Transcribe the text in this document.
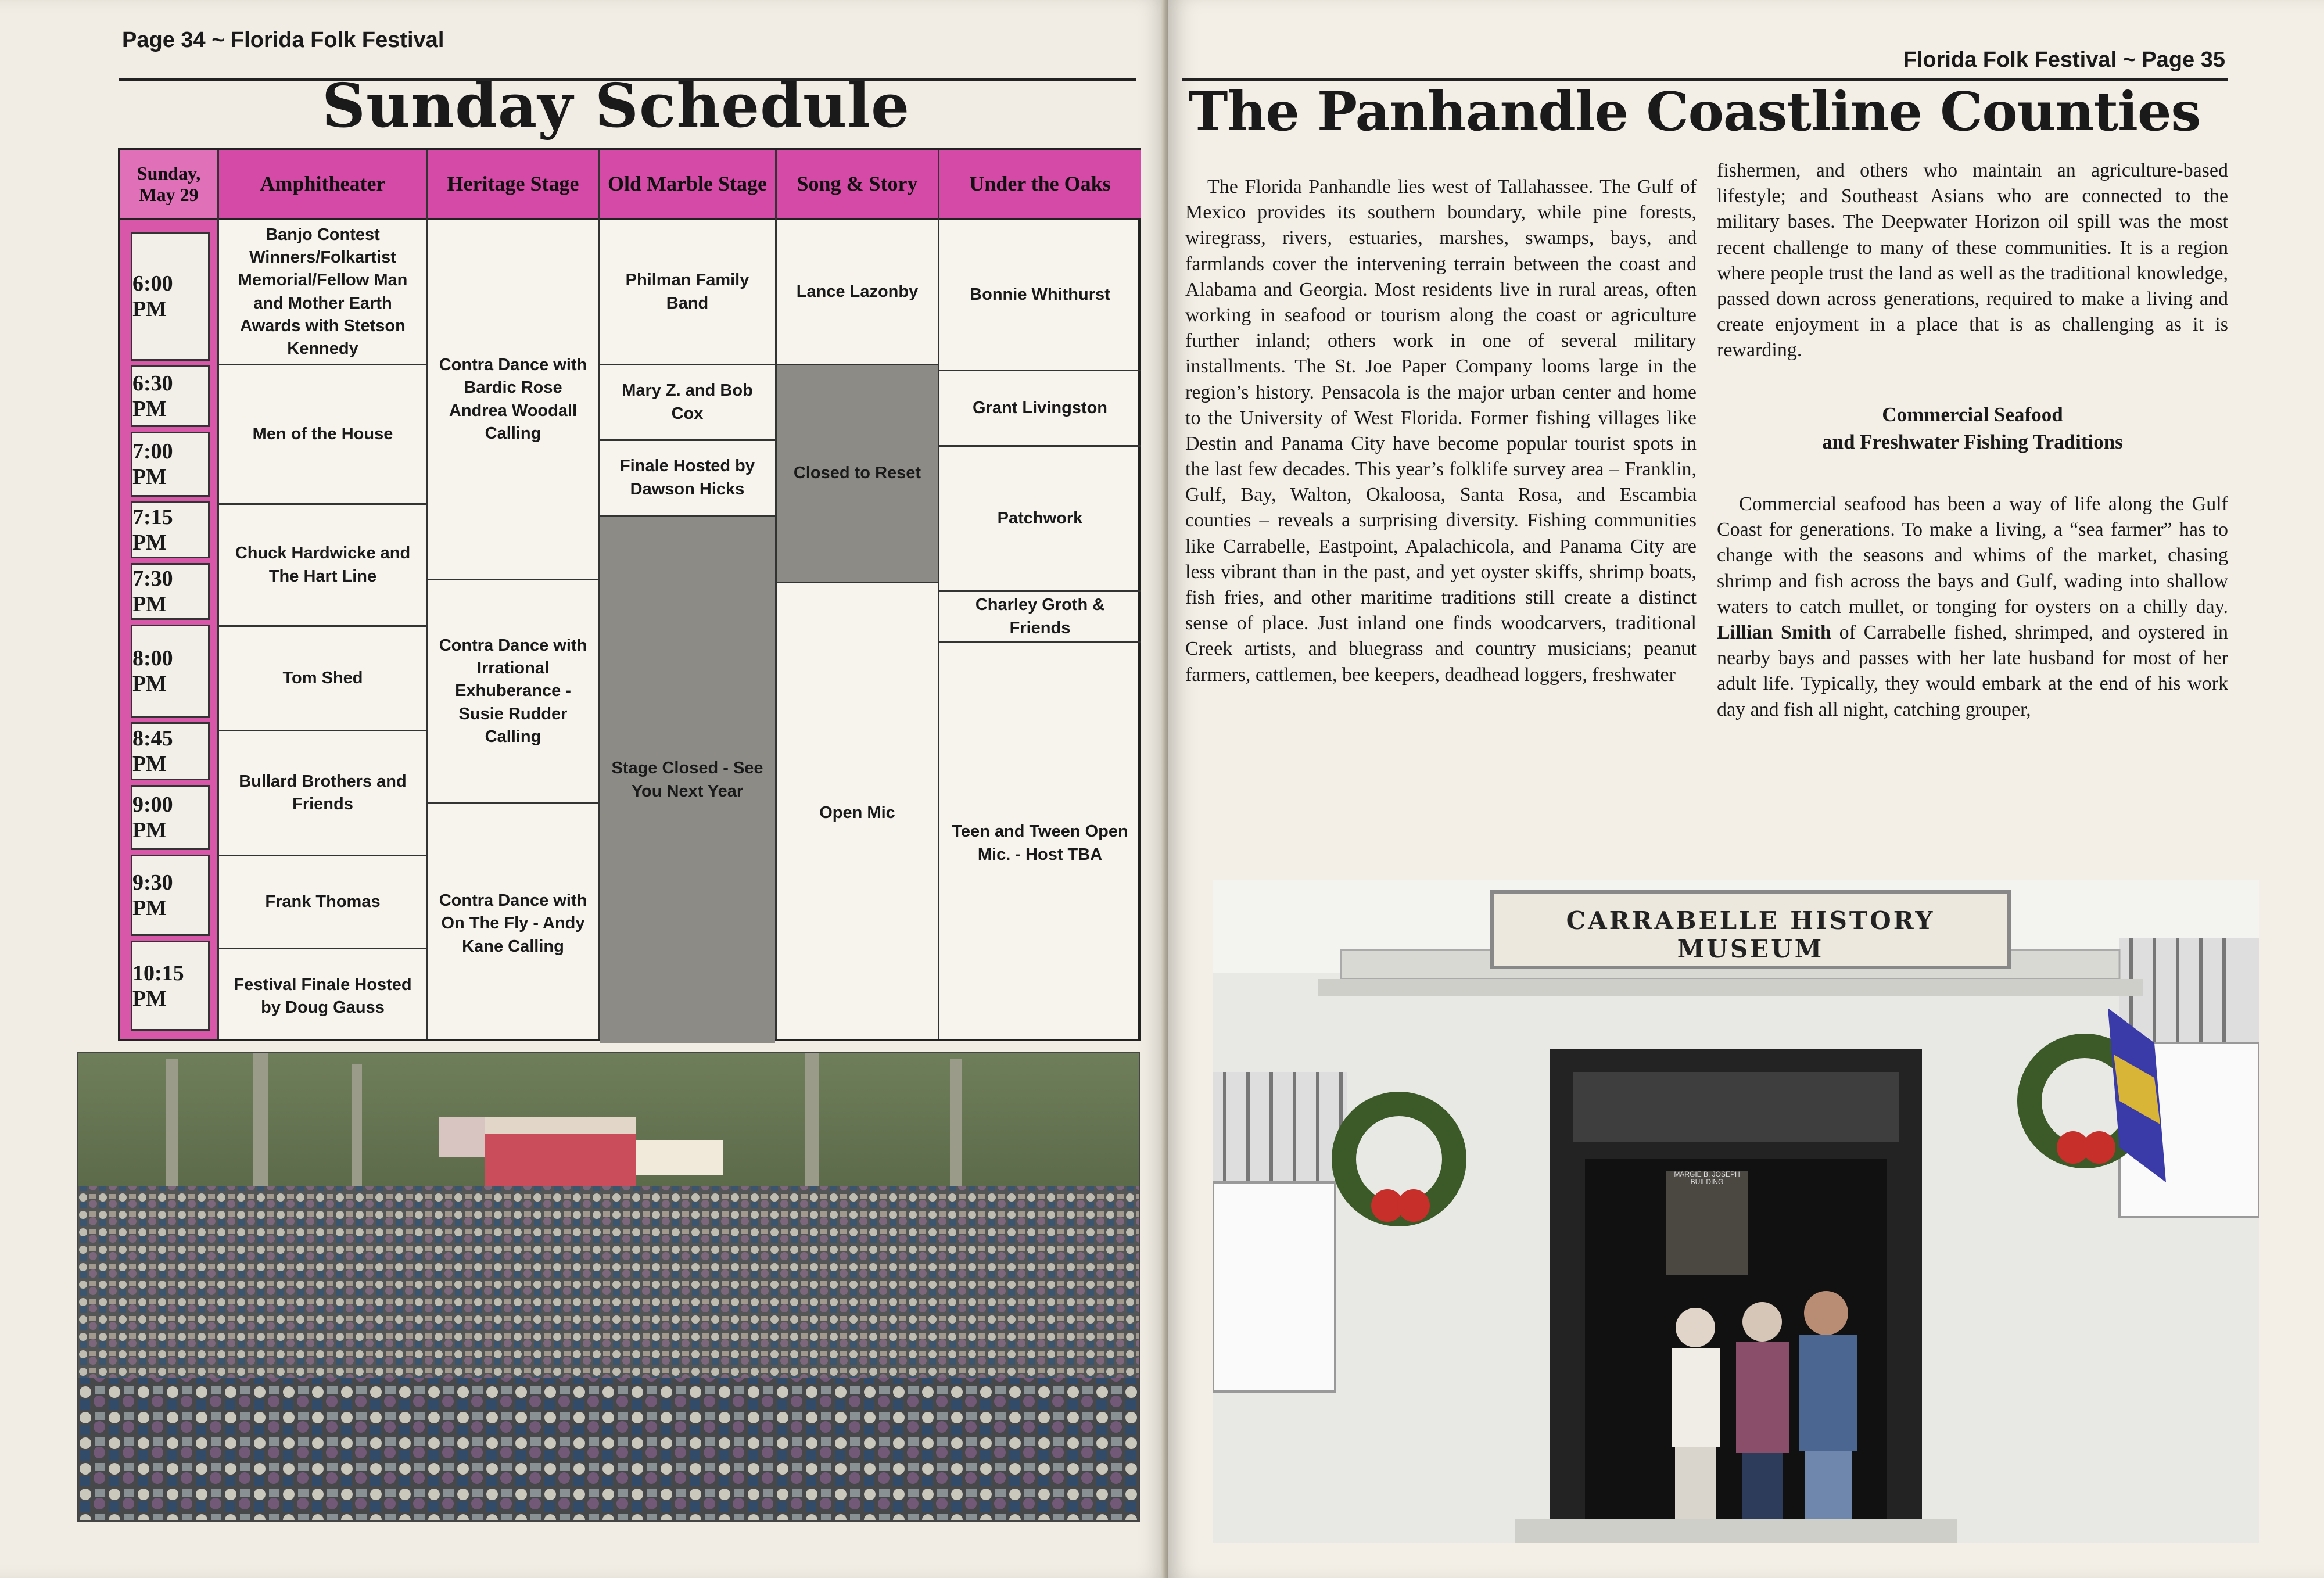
Page 34 ~ Florida Folk Festival
Sunday Schedule
Sunday, May 29
6:00 PM
6:30 PM
7:00 PM
7:15 PM
7:30 PM
8:00 PM
8:45 PM
9:00 PM
9:30 PM
10:15 PM
Amphitheater
Banjo Contest Winners/Folkartist Memorial/Fellow Man and Mother Earth Awards with Stetson Kennedy
Men of the House
Chuck Hardwicke and The Hart Line
Tom Shed
Bullard Brothers and Friends
Frank Thomas
Festival Finale Hosted by Doug Gauss
Heritage Stage
Contra Dance with Bardic Rose Andrea Woodall Calling
Contra Dance with Irrational Exhuberance - Susie Rudder Calling
Contra Dance with On The Fly - Andy Kane Calling
Old Marble Stage
Philman Family Band
Mary Z. and Bob Cox
Finale Hosted by Dawson Hicks
Stage Closed - See You Next Year
Song & Story
Lance Lazonby
Closed to Reset
Open Mic
Under the Oaks
Bonnie Whithurst
Grant Livingston
Patchwork
Charley Groth & Friends
Teen and Tween Open Mic. - Host TBA
Florida Folk Festival ~ Page 35
The Panhandle Coastline Counties

The Florida Panhandle lies west of Tallahassee. The Gulf of Mexico provides its southern boundary, while pine forests, wiregrass, rivers, estuaries, marshes, swamps, bays, and farmlands cover the intervening terrain between the coast and Alabama and Georgia. Most residents live in rural areas, often working in seafood or tourism along the coast or agriculture further inland; others work in one of several military installments. The St. Joe Paper Company looms large in the region’s history. Pensacola is the major urban center and home to the University of West Florida. Former fishing villages like Destin and Panama City have become popular tourist spots in the last few decades. This year’s folklife survey area – Franklin, Gulf, Bay, Walton, Okaloosa, Santa Rosa, and Escambia counties – reveals a surprising diversity. Fishing communities like Carrabelle, Eastpoint, Apalachicola, and Panama City are less vibrant than in the past, and yet oyster skiffs, shrimp boats, fish fries, and other maritime traditions still create a distinct sense of place. Just inland one finds woodcarvers, traditional Creek artists, and bluegrass and country musicians; peanut farmers, cattlemen, bee keepers, deadhead loggers, freshwater

fishermen, and others who maintain an agriculture-based lifestyle; and Southeast Asians who are connected to the military bases. The Deepwater Horizon oil spill was the most recent challenge to many of these communities. It is a region where people trust the land as well as the traditional knowledge, passed down across generations, required to make a living and create enjoyment in a place that is as challenging as it is rewarding.

Commercial Seafood
and Freshwater Fishing Traditions

Commercial seafood has been a way of life along the Gulf Coast for generations. To make a living, a “sea farmer” has to change with the seasons and whims of the market, chasing shrimp and fish across the bays and Gulf, wading into shallow waters to catch mullet, or tonging for oysters on a chilly day. Lillian Smith of Carrabelle fished, shrimped, and oystered in nearby bays and passes with her late husband for most of her adult life. Typically, they would embark at the end of his work day and fish all night, catching grouper,

CARRABELLE HISTORY MUSEUM
MARGIE B. JOSEPH BUILDING
